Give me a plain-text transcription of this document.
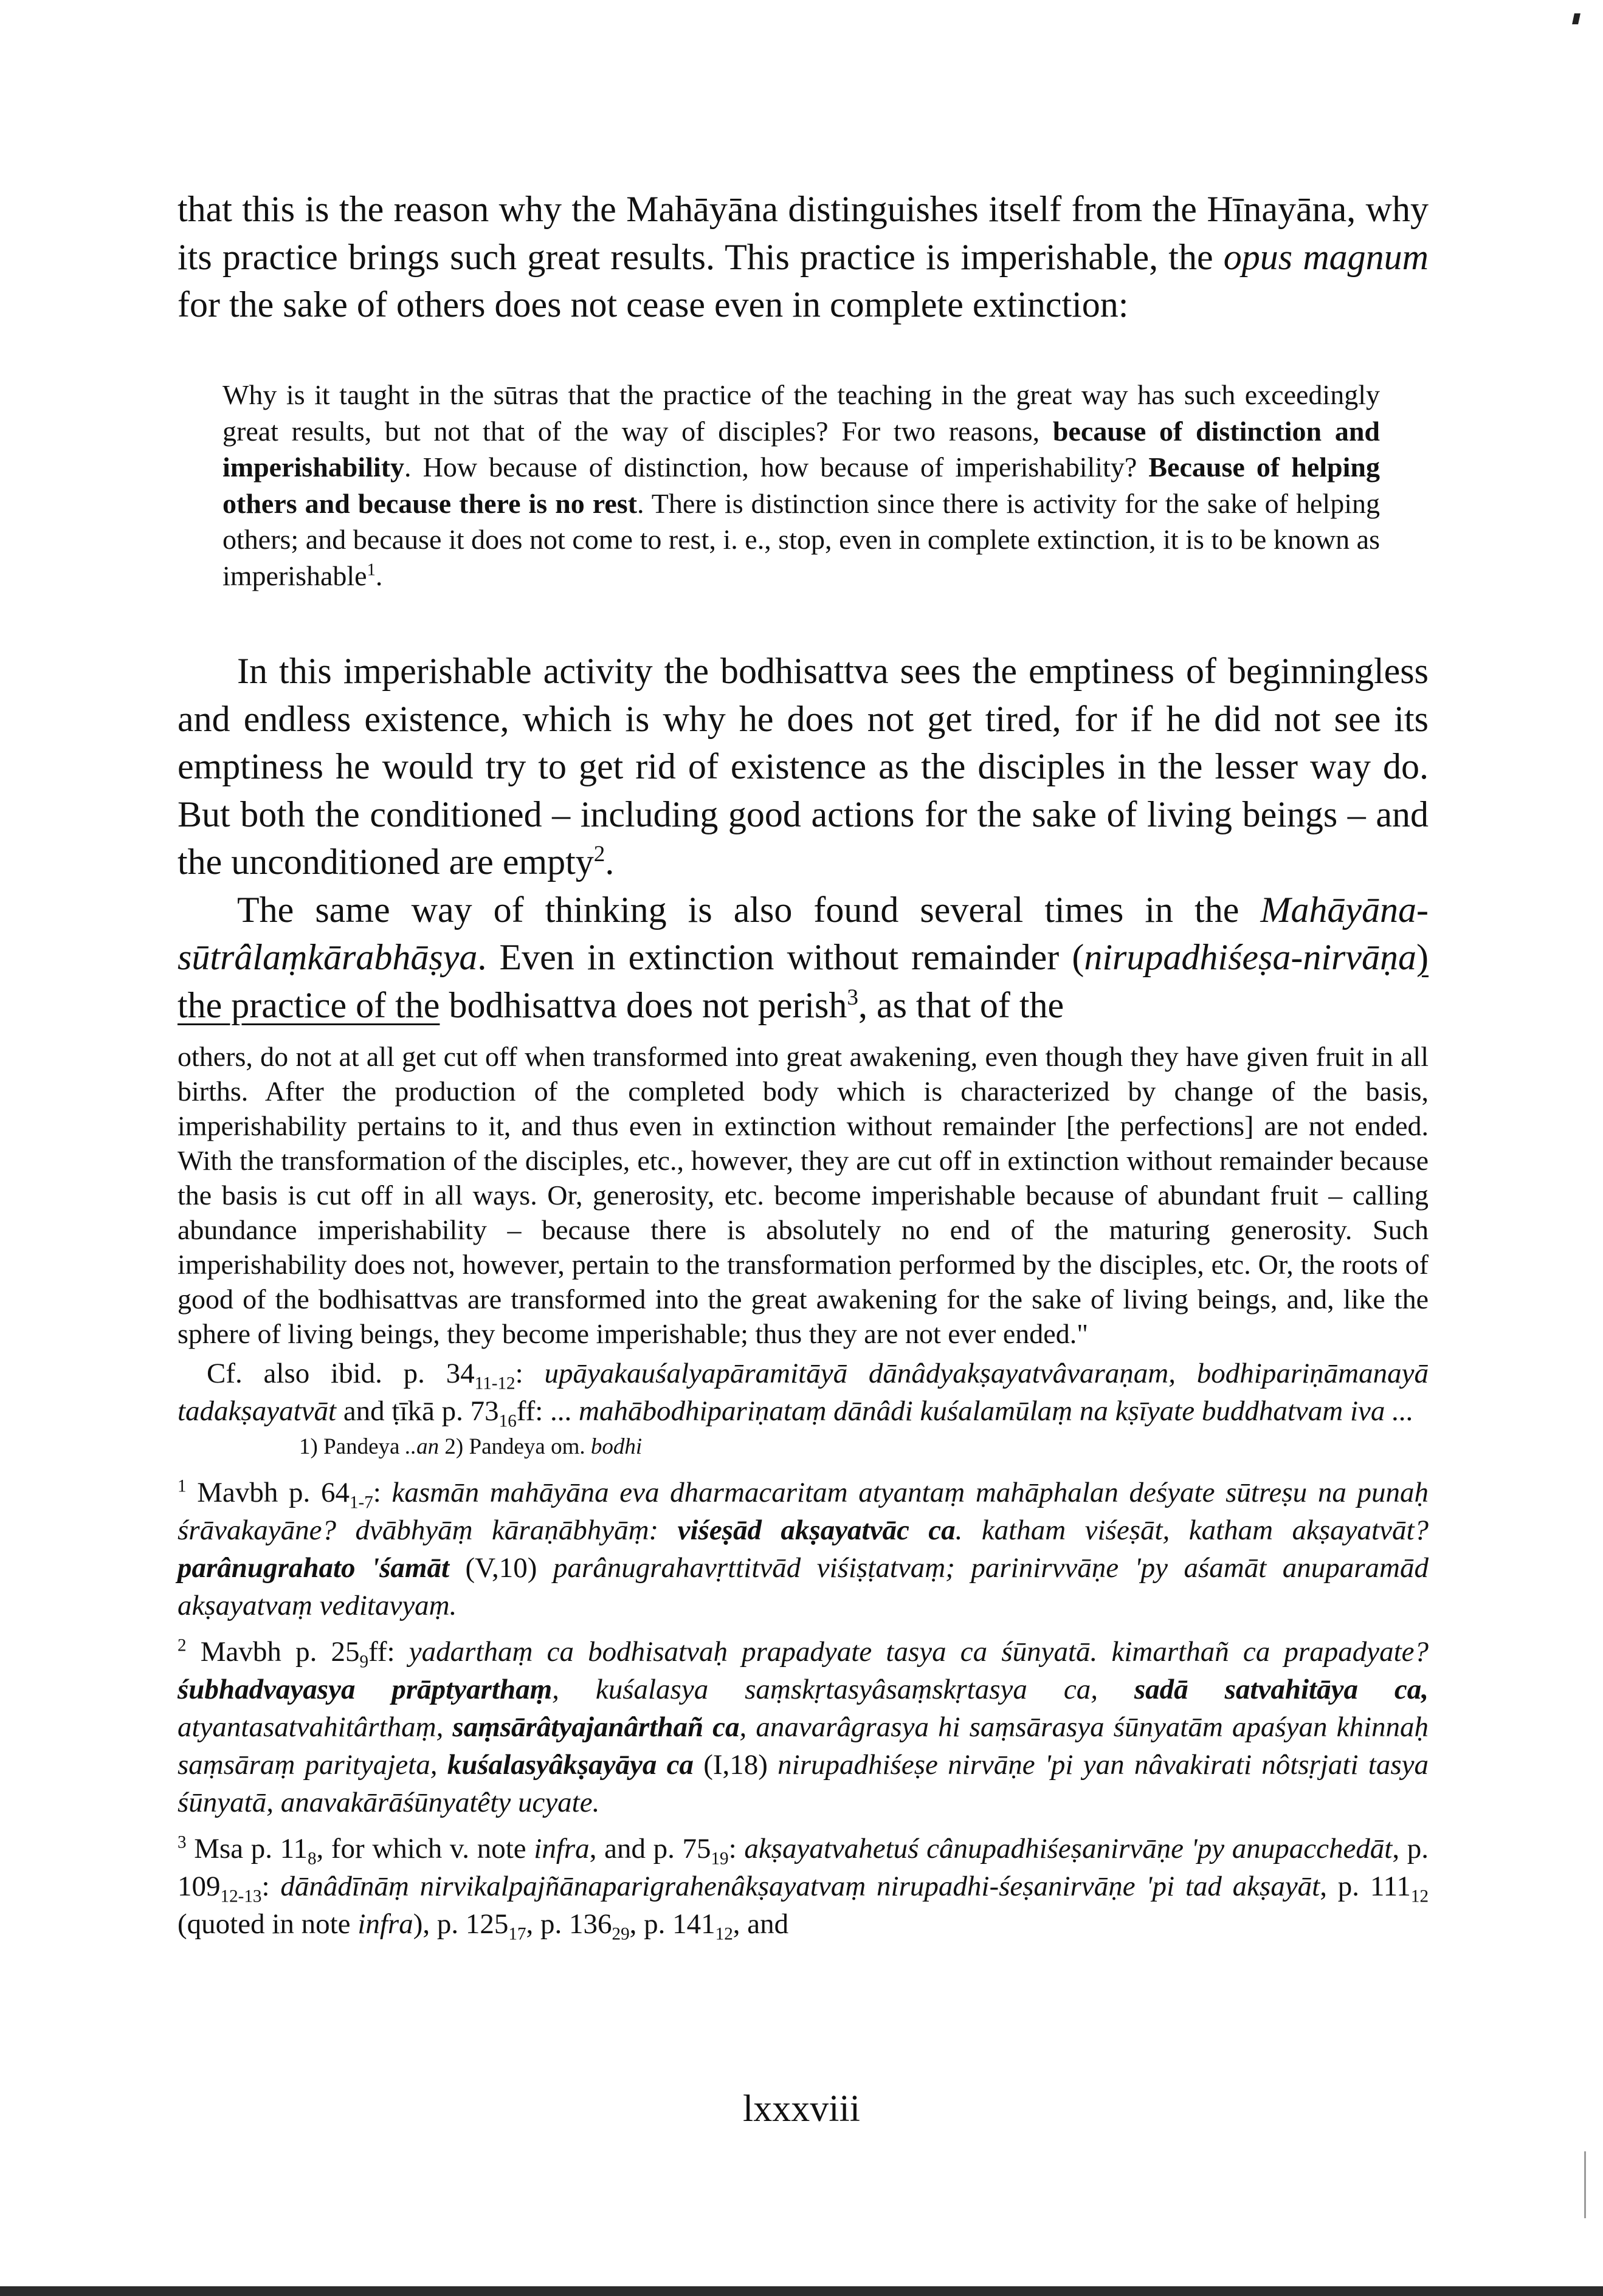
that this is the reason why the Mahāyāna distinguishes itself from the Hīnayāna, why its practice brings such great results. This practice is imperishable, the opus magnum for the sake of others does not cease even in complete extinction:

Why is it taught in the sūtras that the practice of the teaching in the great way has such exceedingly great results, but not that of the way of disciples? For two reasons, because of distinction and imperishability. How because of distinction, how because of imperishability? Because of helping others and because there is no rest. There is distinction since there is activity for the sake of helping others; and because it does not come to rest, i. e., stop, even in complete extinction, it is to be known as imperishable$^1$.

In this imperishable activity the bodhisattva sees the emptiness of beginningless and endless existence, which is why he does not get tired, for if he did not see its emptiness he would try to get rid of existence as the disciples in the lesser way do. But both the conditioned – including good actions for the sake of living beings – and the unconditioned are empty$^2$.

The same way of thinking is also found several times in the Mahāyāna-sūtrâlaṃkārabhāṣya. Even in extinction without remainder (nirupadhiśeṣa-nirvāṇa) the practice of the bodhisattva does not perish$^3$, as that of the

others, do not at all get cut off when transformed into great awakening, even though they have given fruit in all births. After the production of the completed body which is characterized by change of the basis, imperishability pertains to it, and thus even in extinction without remainder [the perfections] are not ended. With the transformation of the disciples, etc., however, they are cut off in extinction without remainder because the basis is cut off in all ways. Or, generosity, etc. become imperishable because of abundant fruit – calling abundance imperishability – because there is absolutely no end of the maturing generosity. Such imperishability does not, however, pertain to the transformation performed by the disciples, etc. Or, the roots of good of the bodhisattvas are transformed into the great awakening for the sake of living beings, and, like the sphere of living beings, they become imperishable; thus they are not ever ended."

Cf. also ibid. p. $34_{11-12}$: upāyakauśalyapāramitāyā dānâdyakṣayatvâvaraṇam, bodhipariṇāmanayā tadakṣayatvāt and ṭīkā p. $73_{16}ff$: ... mahābodhipariṇataṃ dānâdi kuśalamūlaṃ na kṣīyate buddhatvam iva ...

1) Pandeya ..an 2) Pandeya om. bodhi

$^1$ Mavbh p. $64_{1-7}$: kasmān mahāyāna eva dharmacaritam atyantaṃ mahāphalan deśyate sūtreṣu na punaḥ śrāvakayāne? dvābhyāṃ kāraṇābhyāṃ: viśeṣād akṣayatvāc ca. katham viśeṣāt, katham akṣayatvāt? parânugrahato 'śamāt (V,10) parânugrahavṛttitvād viśiṣṭatvaṃ; parinirvvāṇe 'py aśamāt anuparamād akṣayatvaṃ veditavyaṃ.

$^2$ Mavbh p. $25_9ff$: yadarthaṃ ca bodhisatvaḥ prapadyate tasya ca śūnyatā. kimarthañ ca prapadyate? śubhadvayasya prāptyarthaṃ, kuśalasya saṃskṛtasyâsaṃskṛtasya ca, sadā satvahitāya ca, atyantasatvahitârthaṃ, saṃsārâtyajanârthañ ca, anavarâgrasya hi saṃsārasya śūnyatām apaśyan khinnaḥ saṃsāraṃ parityajeta, kuśalasyâkṣayāya ca (I,18) nirupadhiśeṣe nirvāṇe 'pi yan nâvakirati nôtsṛjati tasya śūnyatā, anavakārāśūnyatêty ucyate.

$^3$ Msa p. $11_8$, for which v. note infra, and p. $75_{19}$: akṣayatvahetuś cânupadhiśeṣanirvāṇe 'py anupacchedāt, p. $109_{12-13}$: dānâdīnāṃ nirvikalpajñānaparigrahenâkṣayatvaṃ nirupadhi-śeṣanirvāṇe 'pi tad akṣayāt, p. $111_{12}$ (quoted in note infra), p. $125_{17}$, p. $136_{29}$, p. $141_{12}$, and

lxxxviii
